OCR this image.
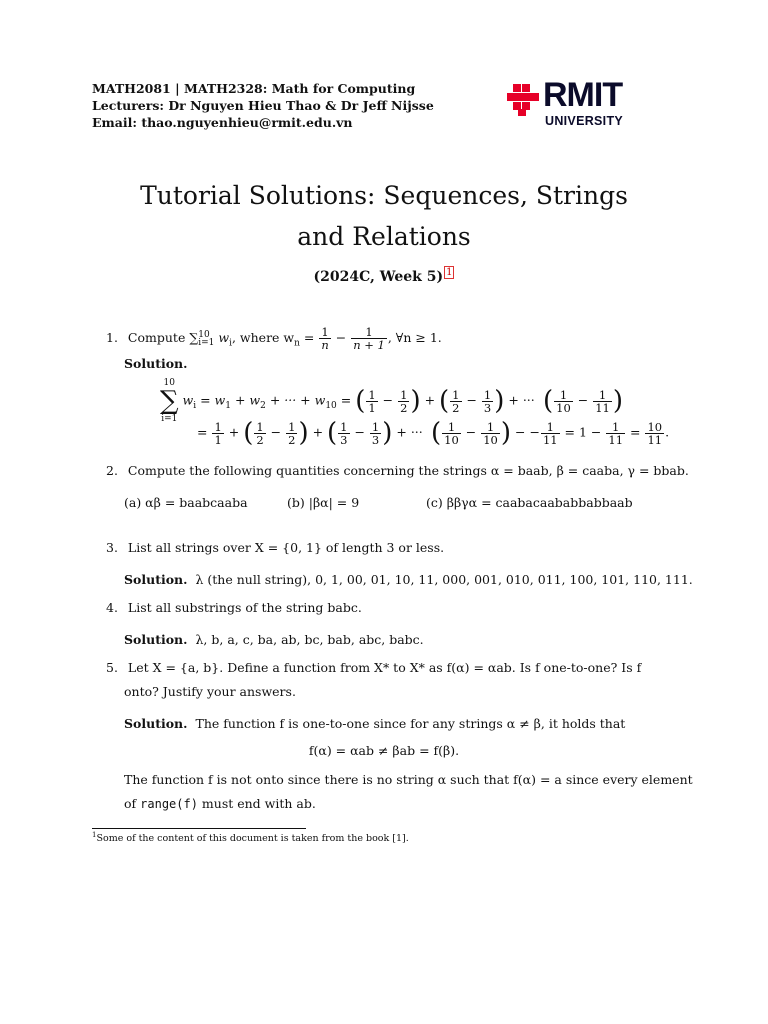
MATH2081 | MATH2328: Math for Computing
Lecturers: Dr Nguyen Hieu Thao & Dr Jeff Nijsse
Email: thao.nguyenhieu@rmit.edu.vn
RMIT
UNIVERSITY
Tutorial Solutions: Sequences, Strings
and Relations
(2024C, Week 5) 1
1. Compute ∑ 10
i=1 $w_i$, where $w_n = \frac{1}{n} - \frac{1}{n + 1}$ , ∀n ≥ 1.
Solution.
10
∑
i=1
$w_i = w_1 + w_2$ + ··· + $w_{10}$ = ( $\frac{1}{1} - \frac{1}{2}$ ) + ( $\frac{1}{2} - \frac{1}{3}$ ) + ··· ( $\frac{1}{10} - \frac{1}{11}$ )
= $\frac{1}{1}$ + ( $\frac{1}{2} - \frac{1}{2}$ ) + ( $\frac{1}{3} - \frac{1}{3}$ ) + ··· ( $\frac{1}{10} - \frac{1}{10}$ ) − − $\frac{1}{11} = 1 - \frac{1}{11} = \frac{10}{11}$ .
2. Compute the following quantities concerning the strings α = baab, β = caaba, γ = bbab.
(a) αβ = baabcaaba	(b) |βα| = 9	(c) ββγα = caabacaababbabbaab
3. List all strings over X = {0, 1} of length 3 or less.
Solution. λ (the null string), 0, 1, 00, 01, 10, 11, 000, 001, 010, 011, 100, 101, 110, 111.
4. List all substrings of the string babc.
Solution. λ, b, a, c, ba, ab, bc, bab, abc, babc.
5. Let X = {a, b}. Define a function from X* to X* as f(α) = αab. Is f one-to-one? Is f
onto? Justify your answers.
Solution. The function f is one-to-one since for any strings α ≠ β, it holds that
f(α) = αab ≠ βab = f(β).
The function f is not onto since there is no string α such that f(α) = a since every element
of range(f) must end with ab.
$^1$Some of the content of this document is taken from the book [1].
